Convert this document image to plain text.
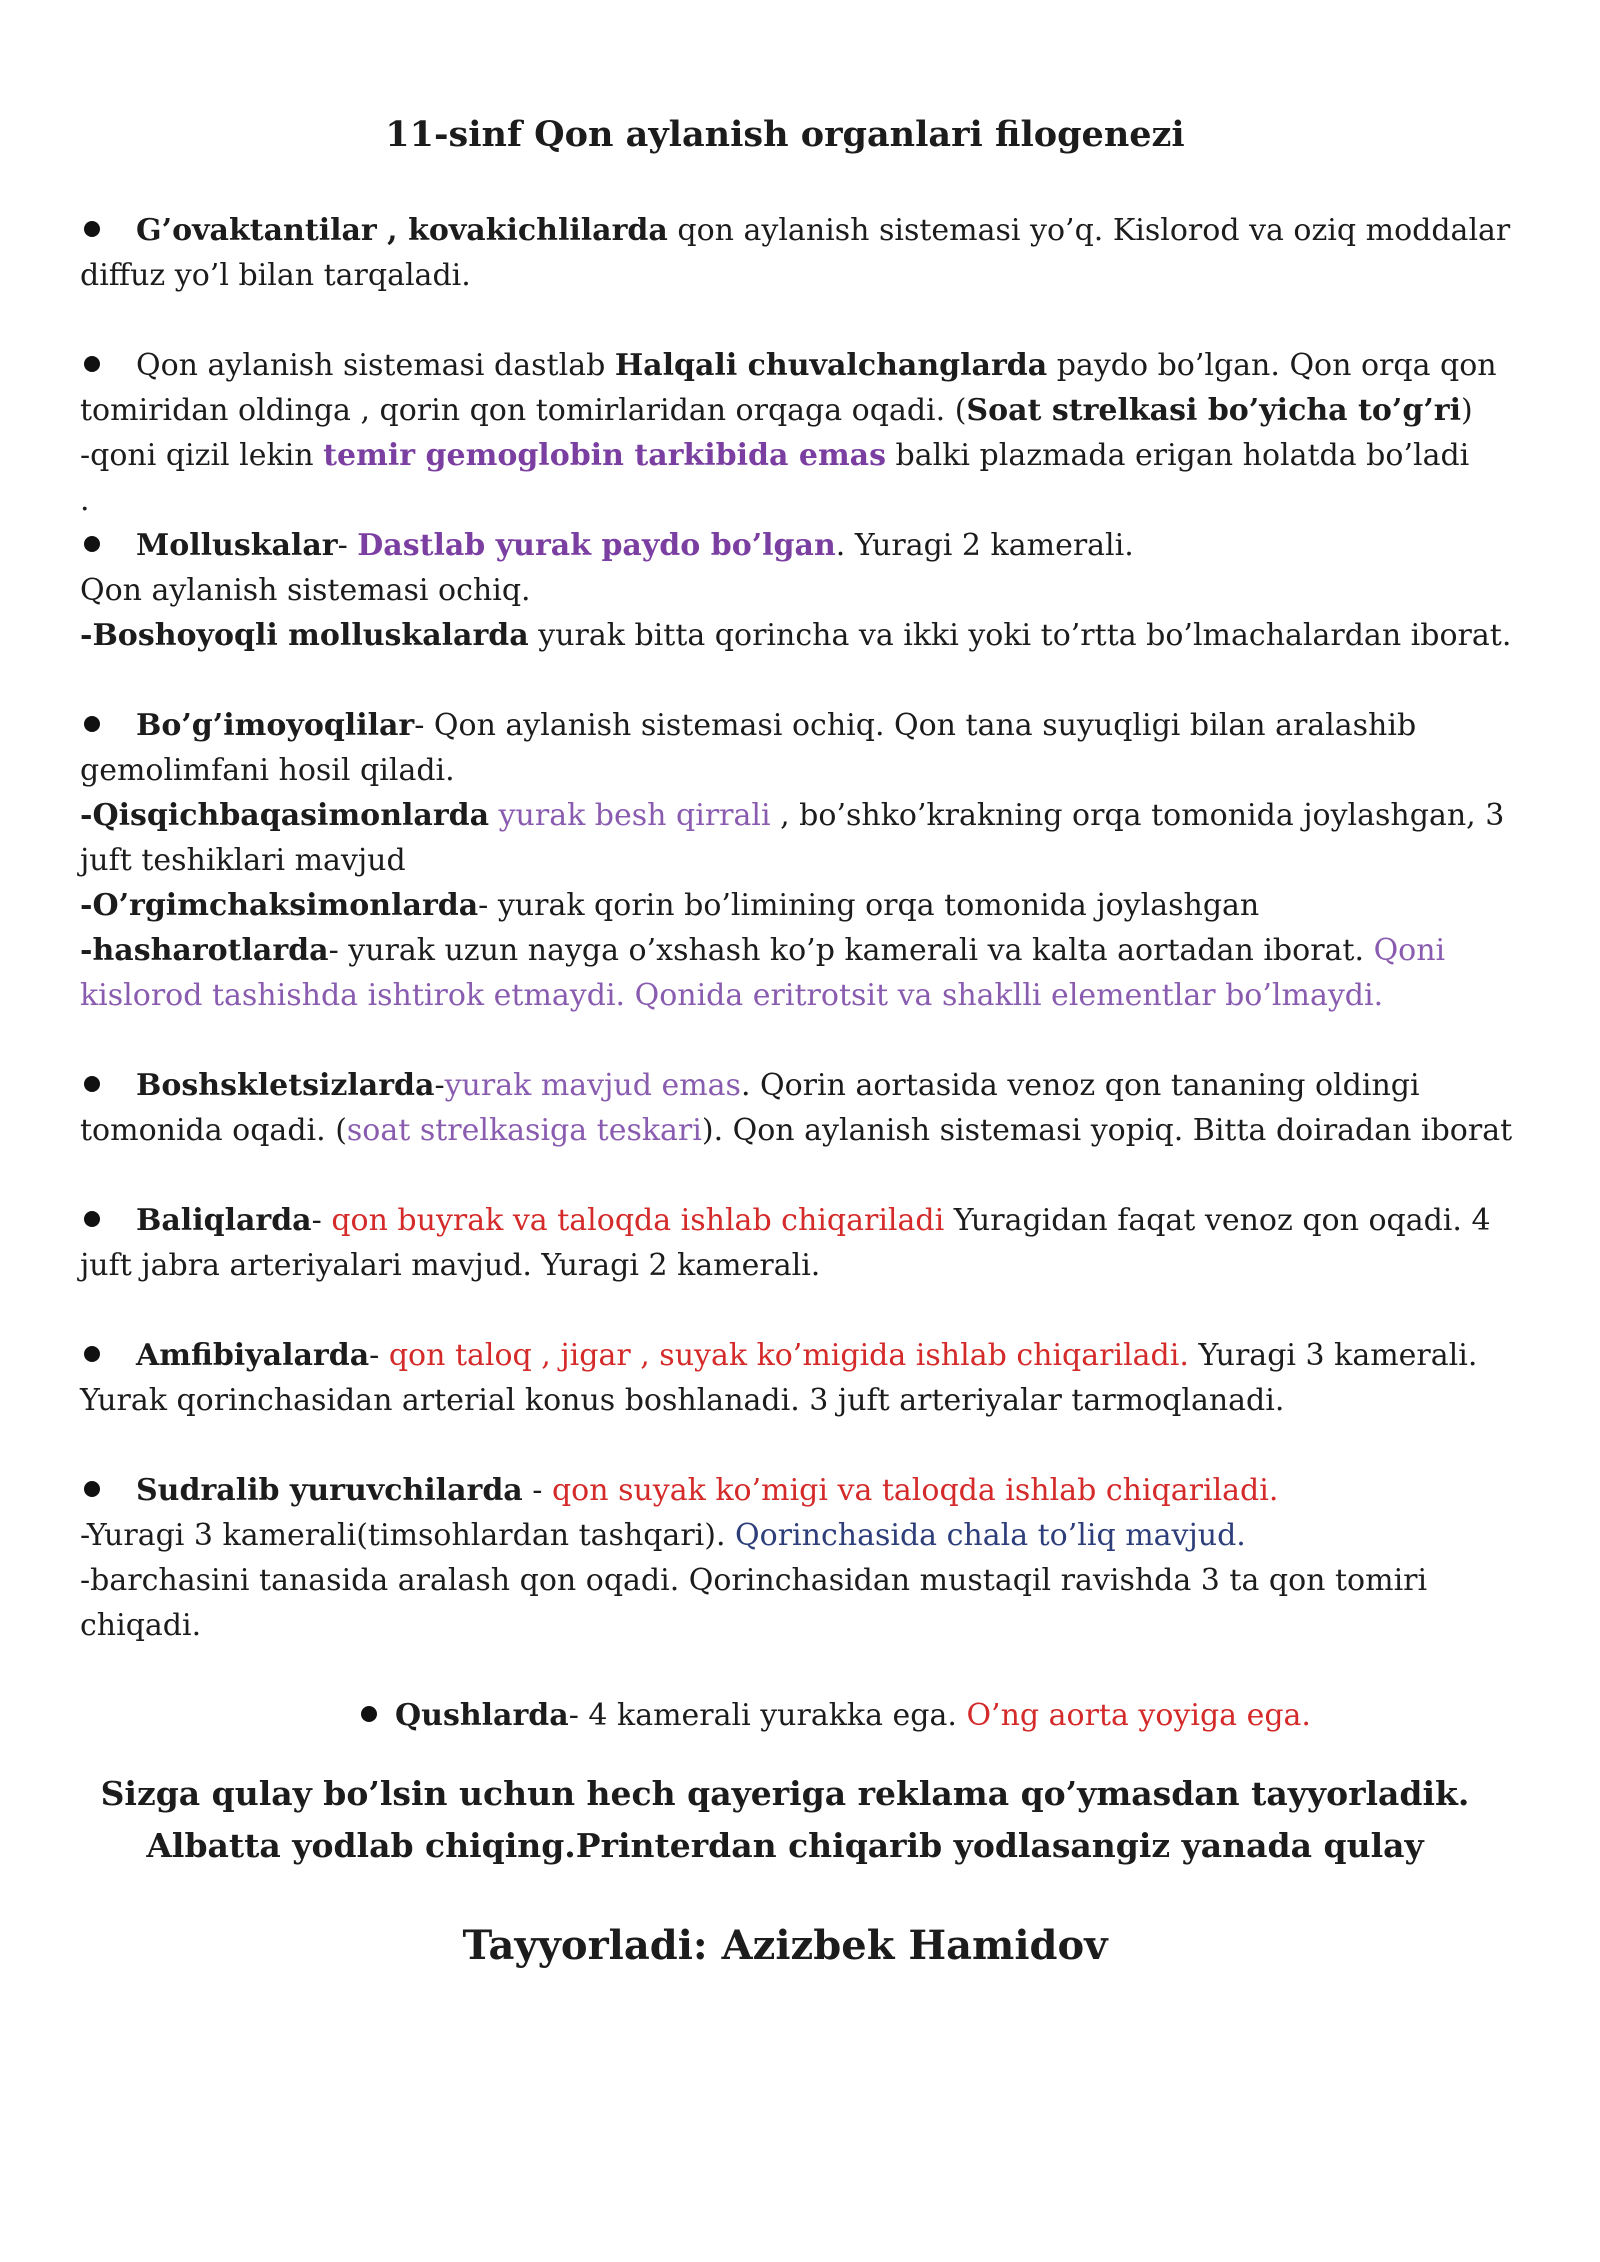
11-sinf Qon aylanish organlari filogenezi

G’ovaktantilar , kovakichlilarda qon aylanish sistemasi yo’q. Kislorod va oziq moddalar diffuz yo’l bilan tarqaladi.

Qon aylanish sistemasi dastlab Halqali chuvalchanglarda paydo bo’lgan. Qon orqa qon tomiridan oldinga , qorin qon tomirlaridan orqaga oqadi. (Soat strelkasi bo’yicha to’g’ri)

-qoni qizil lekin temir gemoglobin tarkibida emas balki plazmada erigan holatda bo’ladi

.

Molluskalar- Dastlab yurak paydo bo’lgan. Yuragi 2 kamerali.

Qon aylanish sistemasi ochiq.

-Boshoyoqli molluskalarda yurak bitta qorincha va ikki yoki to’rtta bo’lmachalardan iborat.

Bo’g’imoyoqlilar- Qon aylanish sistemasi ochiq. Qon tana suyuqligi bilan aralashib gemolimfani hosil qiladi.

-Qisqichbaqasimonlarda yurak besh qirrali , bo’shko’krakning orqa tomonida joylashgan, 3 juft teshiklari mavjud

-O’rgimchaksimonlarda- yurak qorin bo’limining orqa tomonida joylashgan

-hasharotlarda- yurak uzun nayga o’xshash ko’p kamerali va kalta aortadan iborat. Qoni kislorod tashishda ishtirok etmaydi. Qonida eritrotsit va shaklli elementlar bo’lmaydi.

Boshskletsizlarda-yurak mavjud emas. Qorin aortasida venoz qon tananing oldingi tomonida oqadi. (soat strelkasiga teskari). Qon aylanish sistemasi yopiq. Bitta doiradan iborat

Baliqlarda- qon buyrak va taloqda ishlab chiqariladi Yuragidan faqat venoz qon oqadi. 4 juft jabra arteriyalari mavjud. Yuragi 2 kamerali.

Amfibiyalarda- qon taloq , jigar , suyak ko’migida ishlab chiqariladi. Yuragi 3 kamerali. Yurak qorinchasidan arterial konus boshlanadi. 3 juft arteriyalar tarmoqlanadi.

Sudralib yuruvchilarda - qon suyak ko’migi va taloqda ishlab chiqariladi.

-Yuragi 3 kamerali(timsohlardan tashqari). Qorinchasida chala to’liq mavjud.

-barchasini tanasida aralash qon oqadi. Qorinchasidan mustaqil ravishda 3 ta qon tomiri chiqadi.

Qushlarda- 4 kamerali yurakka ega. O’ng aorta yoyiga ega.

Sizga qulay bo’lsin uchun hech qayeriga reklama qo’ymasdan tayyorladik.
Albatta yodlab chiqing.Printerdan chiqarib yodlasangiz yanada qulay
Tayyorladi: Azizbek Hamidov
